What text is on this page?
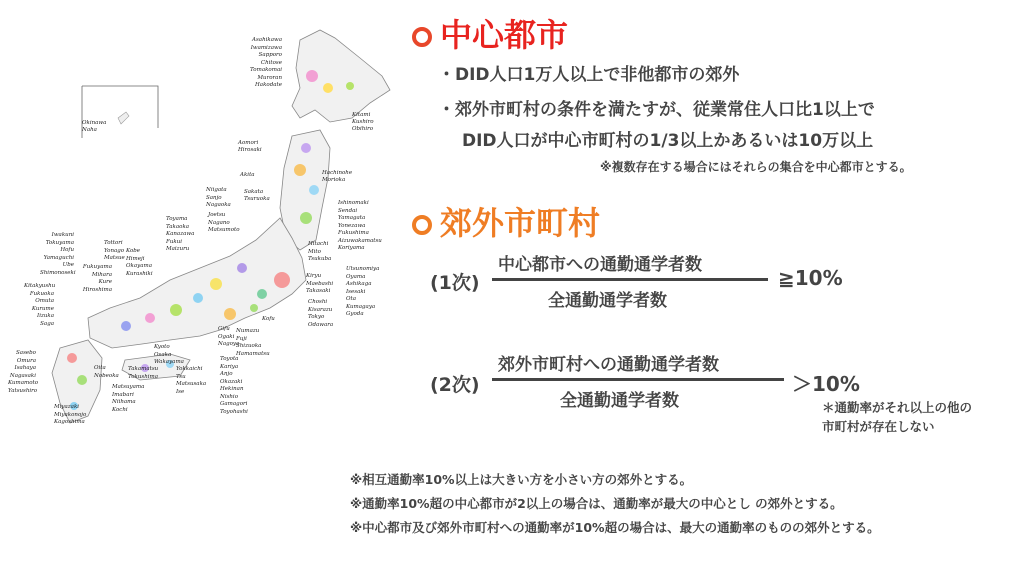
Asahikawa
Iwamizawa
Sapporo
Chitose
Tomakomai
Muroran
Hakodate
Okinawa
Naha
Kitami
Kushiro
Obihiro
Aomori
Hirosaki
Hachinohe
Morioka
Akita
Niigata
Sanjo
Nagaoka
Sakata
Tsuruoka
Ishinomaki
Sendai
Yamagata
Yonezawa
Fukushima
Aizuwakamatsu
Koriyama
Toyama
Takaoka
Kanazawa
Fukui
Maizuru
Joetsu
Nagano
Matsumoto
Hitachi
Mito
Tsukuba
Utsunomiya
Oyama
Ashikaga
Isesaki
Ota
Kumagaya
Gyoda
Kiryu
Maebashi
Takasaki
Choshi
Kisarazu
Tokyo
Odawara
Kofu
Iwakuni
Tokuyama
Hofu
Yamaguchi
Ube
Shimonoseki
Tottori
Yonago
Matsue
Kobe
Himeji
Okayama
Kurashiki
Fukuyama
Mihara
Kure
Hiroshima
Kitakyushu
Fukuoka
Omuta
Kurume
Iizuka
Saga
Numazu
Fuji
Shizuoka
Hamamatsu
Gifu
Ogaki
Nagoya
Kyoto
Osaka
Wakayama
Sasebo
Omura
Isahaya
Nagasaki
Kumamoto
Yatsushiro
Oita
Nobeoka
Takamatsu
Tokushima
Matsuyama
Imabari
Niihama
Kochi
Yokkaichi
Tsu
Matsusaka
Ise
Toyota
Kariya
Anjo
Okazaki
Hekinan
Nishio
Gamagori
Toyohashi
Miyazaki
Miyakonojo
Kagoshima
中心都市
・DID人口1万人以上で非他都市の郊外
・郊外市町村の条件を満たすが、従業常住人口比1以上で
DID人口が中心市町村の1/3以上かあるいは10万以上
※複数存在する場合にはそれらの集合を中心都市とする。
郊外市町村
(1次)
中心都市への通勤通学者数
全通勤通学者数
≧10%
(2次)
郊外市町村への通勤通学者数
全通勤通学者数
＞10%
＊通勤率がそれ以上の他の
市町村が存在しない
※相互通勤率10%以上は大きい方を小さい方の郊外とする。
※通勤率10%超の中心都市が2以上の場合は、通勤率が最大の中心とし の郊外とする。
※中心都市及び郊外市町村への通勤率が10%超の場合は、最大の通勤率のものの郊外とする。
